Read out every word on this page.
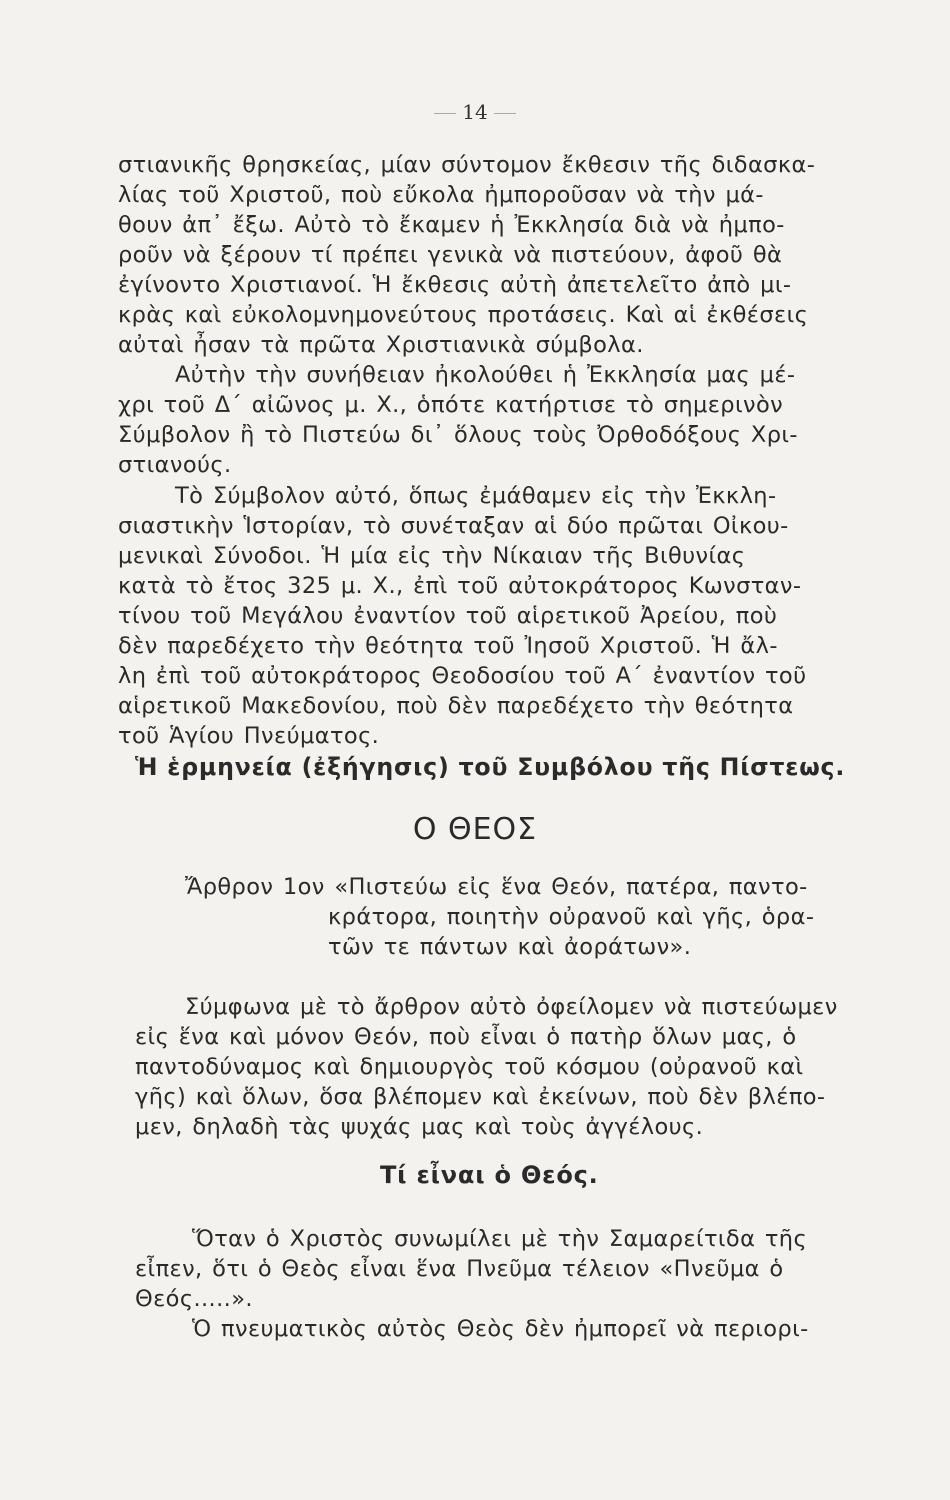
14
στιανικῆς θρησκείας, μίαν σύντομον ἔκθεσιν τῆς διδασκα-
λίας τοῦ Χριστοῦ, ποὺ εὔκολα ἠμποροῦσαν νὰ τὴν μά-
θουν ἀπ᾽ ἔξω. Αὐτὸ τὸ ἔκαμεν ἡ Ἐκκλησία διὰ νὰ ἠμπο-
ροῦν νὰ ξέρουν τί πρέπει γενικὰ νὰ πιστεύουν, ἀφοῦ θὰ
ἐγίνοντο Χριστιανοί. Ἡ ἔκθεσις αὐτὴ ἀπετελεῖτο ἀπὸ μι-
κρὰς καὶ εὐκολομνημονεύτους προτάσεις. Καὶ αἱ ἐκθέσεις
αὐταὶ ἦσαν τὰ πρῶτα Χριστιανικὰ σύμβολα.
Αὐτὴν τὴν συνήθειαν ἠκολούθει ἡ Ἐκκλησία μας μέ-
χρι τοῦ Δ´ αἰῶνος μ. Χ., ὁπότε κατήρτισε τὸ σημερινὸν
Σύμβολον ἢ τὸ Πιστεύω δι᾽ ὅλους τοὺς Ὀρθοδόξους Χρι-
στιανούς.
Τὸ Σύμβολον αὐτό, ὅπως ἐμάθαμεν εἰς τὴν Ἐκκλη-
σιαστικὴν Ἱστορίαν, τὸ συνέταξαν αἱ δύο πρῶται Οἰκου-
μενικαὶ Σύνοδοι. Ἡ μία εἰς τὴν Νίκαιαν τῆς Βιθυνίας
κατὰ τὸ ἔτος 325 μ. Χ., ἐπὶ τοῦ αὐτοκράτορος Κωνσταν-
τίνου τοῦ Μεγάλου ἐναντίον τοῦ αἱρετικοῦ Ἀρείου, ποὺ
δὲν παρεδέχετο τὴν θεότητα τοῦ Ἰησοῦ Χριστοῦ. Ἡ ἄλ-
λη ἐπὶ τοῦ αὐτοκράτορος Θεοδοσίου τοῦ Α´ ἐναντίον τοῦ
αἱρετικοῦ Μακεδονίου, ποὺ δὲν παρεδέχετο τὴν θεότητα
τοῦ Ἁγίου Πνεύματος.
Ἡ ἑρμηνεία (ἐξήγησις) τοῦ Συμβόλου τῆς Πίστεως.
Ο ΘΕΟΣ
Ἄρθρον 1ον «Πιστεύω εἰς ἕνα Θεόν, πατέρα, παντο-
κράτορα, ποιητὴν οὐρανοῦ καὶ γῆς, ὁρα-
τῶν τε πάντων καὶ ἀοράτων».
Σύμφωνα μὲ τὸ ἄρθρον αὐτὸ ὀφείλομεν νὰ πιστεύωμεν
εἰς ἕνα καὶ μόνον Θεόν, ποὺ εἶναι ὁ πατὴρ ὅλων μας, ὁ
παντοδύναμος καὶ δημιουργὸς τοῦ κόσμου (οὐρανοῦ καὶ
γῆς) καὶ ὅλων, ὅσα βλέπομεν καὶ ἐκείνων, ποὺ δὲν βλέπο-
μεν, δηλαδὴ τὰς ψυχάς μας καὶ τοὺς ἀγγέλους.
Τί εἶναι ὁ Θεός.
Ὅταν ὁ Χριστὸς συνωμίλει μὲ τὴν Σαμαρείτιδα τῆς
εἶπεν, ὅτι ὁ Θεὸς εἶναι ἕνα Πνεῦμα τέλειον «Πνεῦμα ὁ
Θεός.....».
Ὁ πνευματικὸς αὐτὸς Θεὸς δὲν ἠμπορεῖ νὰ περιορι-
